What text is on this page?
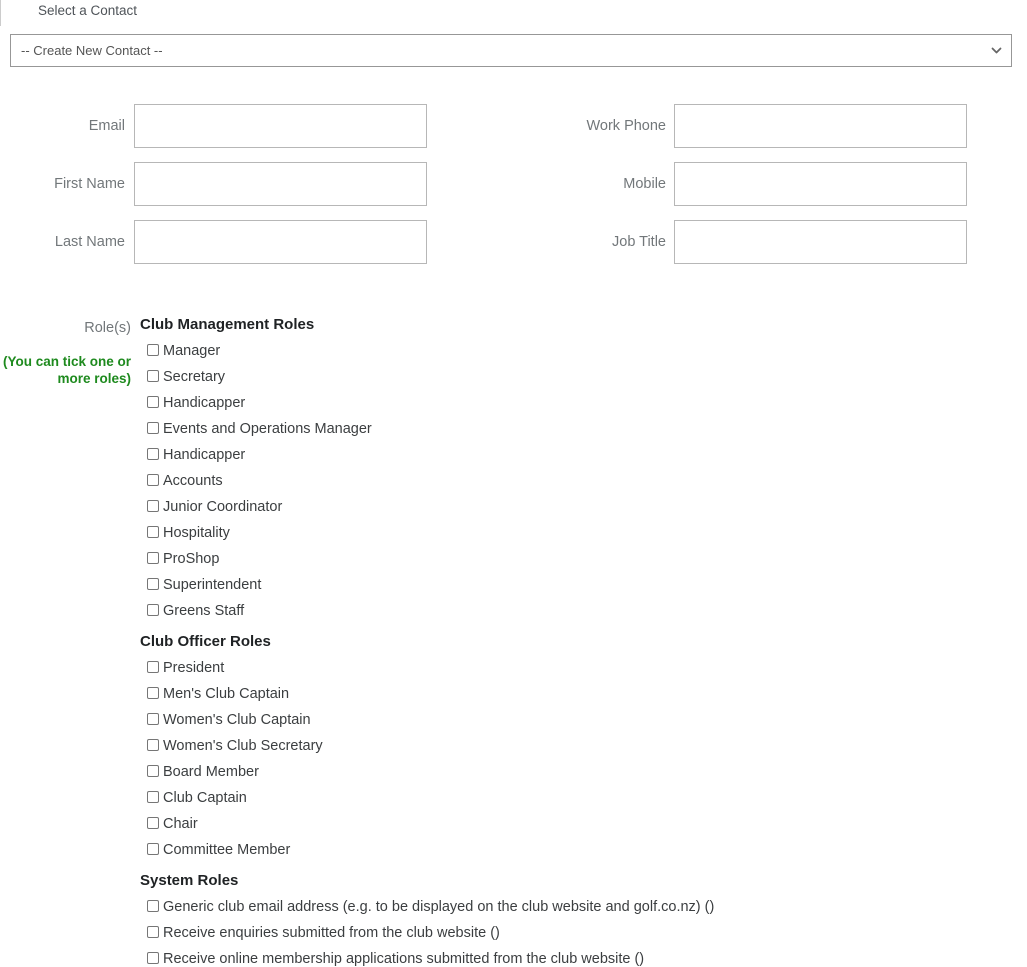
Select a Contact
-- Create New Contact --
Email	Work Phone
First Name	Mobile
Last Name	Job Title
Role(s)
(You can tick one or more roles)
Club Management Roles
Manager
Secretary
Handicapper
Events and Operations Manager
Handicapper
Accounts
Junior Coordinator
Hospitality
ProShop
Superintendent
Greens Staff
Club Officer Roles
President
Men's Club Captain
Women's Club Captain
Women's Club Secretary
Board Member
Club Captain
Chair
Committee Member
System Roles
Generic club email address (e.g. to be displayed on the club website and golf.co.nz) ()
Receive enquiries submitted from the club website ()
Receive online membership applications submitted from the club website ()
